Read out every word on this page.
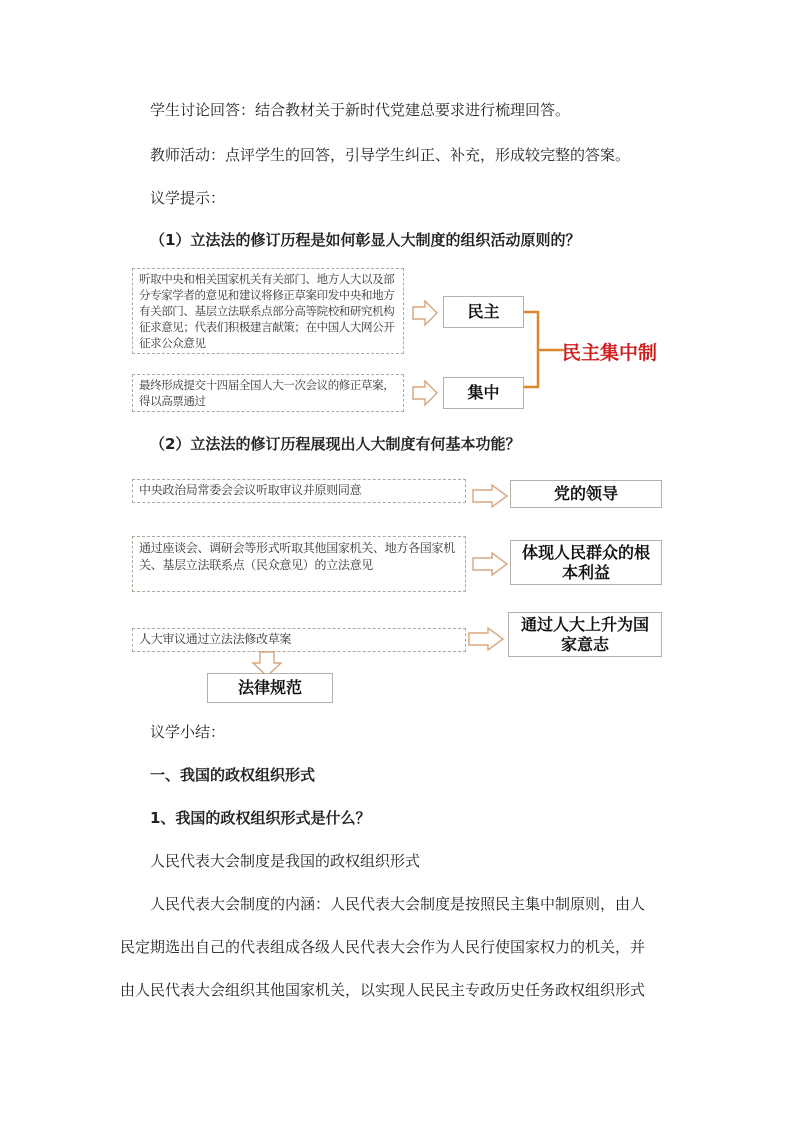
学生讨论回答：结合教材关于新时代党建总要求进行梳理回答。
教师活动：点评学生的回答，引导学生纠正、补充，形成较完整的答案。
议学提示：
（1）立法法的修订历程是如何彰显人大制度的组织活动原则的？
听取中央和相关国家机关有关部门、地方人大以及部分专家学者的意见和建议将修正草案印发中央和地方有关部门、基层立法联系点部分高等院校和研究机构征求意见；代表们积极建言献策；在中国人大网公开征求公众意见
最终形成提交十四届全国人大一次会议的修正草案，得以高票通过
民主
集中
民主集中制
（2）立法法的修订历程展现出人大制度有何基本功能？
中央政治局常委会会议听取审议并原则同意	党的领导
通过座谈会、调研会等形式听取其他国家机关、地方各国家机关、基层立法联系点（民众意见）的立法意见
体现人民群众的根本利益
人大审议通过立法法修改草案
通过人大上升为国家意志
法律规范
议学小结：
一、我国的政权组织形式
1、我国的政权组织形式是什么？
人民代表大会制度是我国的政权组织形式
人民代表大会制度的内涵：人民代表大会制度是按照民主集中制原则，由人
民定期选出自己的代表组成各级人民代表大会作为人民行使国家权力的机关，并
由人民代表大会组织其他国家机关，以实现人民民主专政历史任务政权组织形式
